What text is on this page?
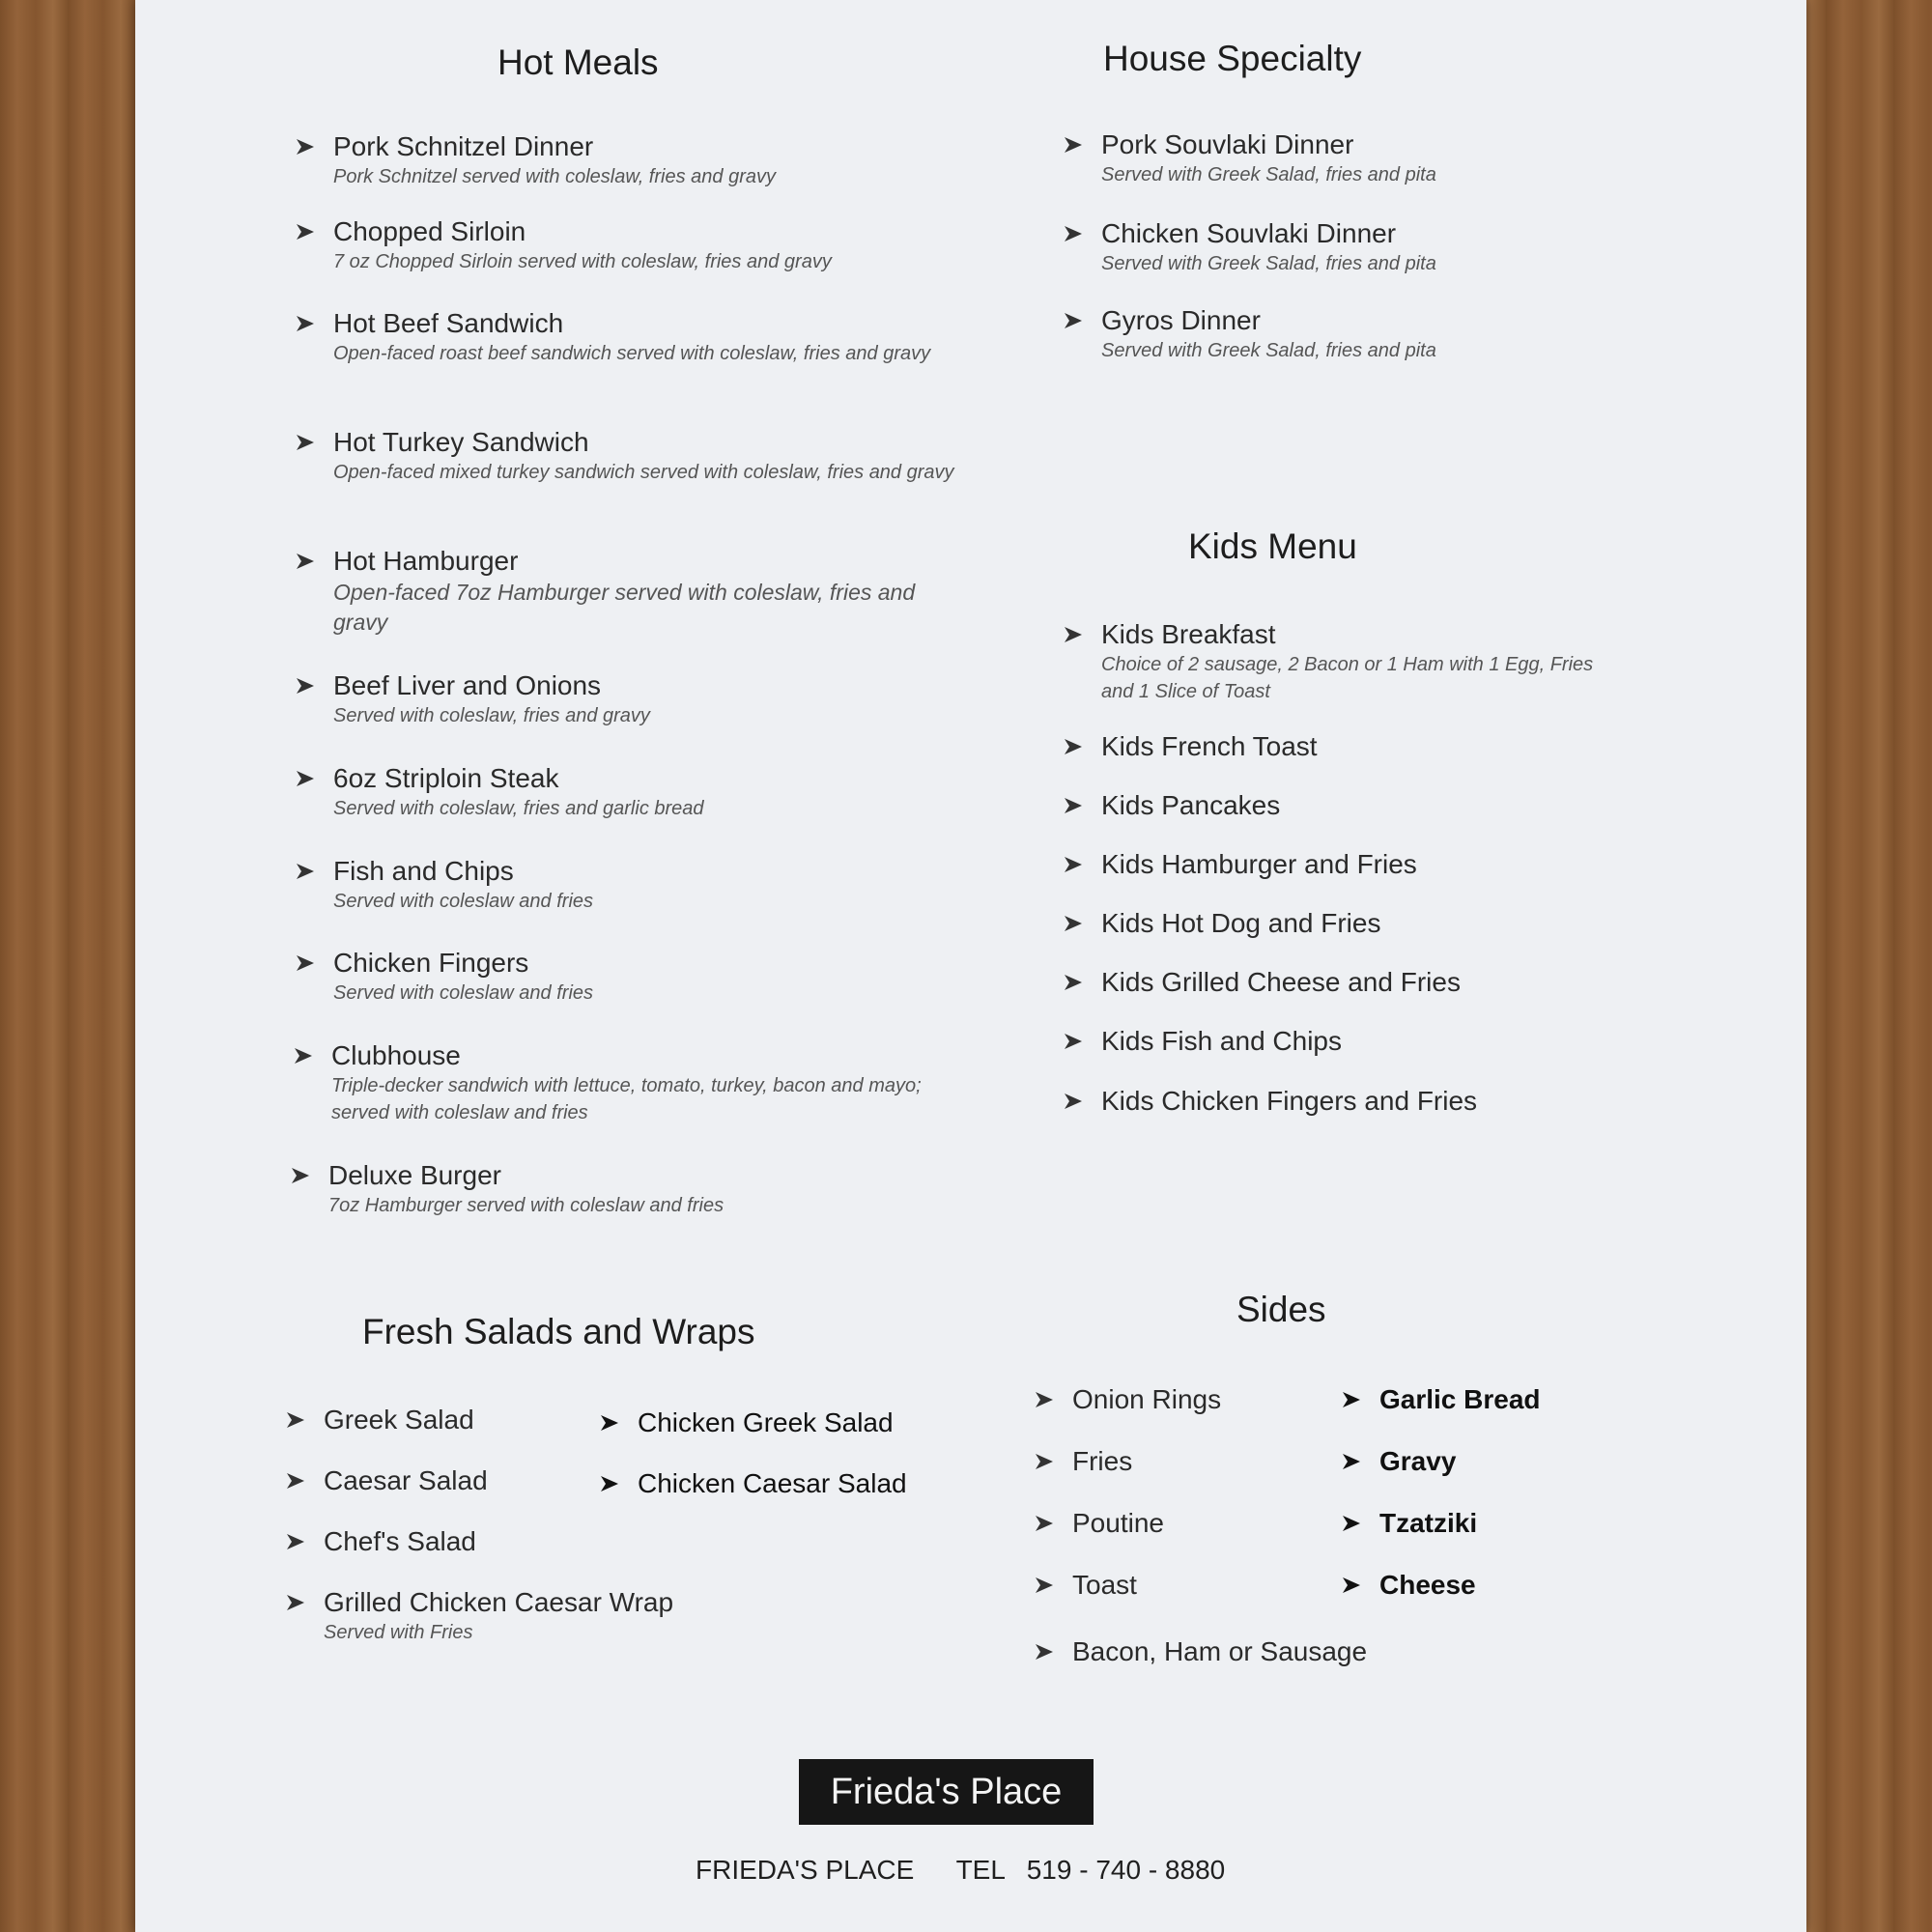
Hot Meals
Pork Schnitzel Dinner
Pork Schnitzel served with coleslaw, fries and gravy
Chopped Sirloin
7 oz Chopped Sirloin served with coleslaw, fries and gravy
Hot Beef Sandwich
Open-faced roast beef sandwich served with coleslaw, fries and gravy
Hot Turkey Sandwich
Open-faced mixed turkey sandwich served with coleslaw, fries and gravy
Hot Hamburger
Open-faced 7oz Hamburger served with coleslaw, fries and gravy
Beef Liver and Onions
Served with coleslaw, fries and gravy
6oz Striploin Steak
Served with coleslaw, fries and garlic bread
Fish and Chips
Served with coleslaw and fries
Chicken Fingers
Served with coleslaw and fries
Clubhouse
Triple-decker sandwich with lettuce, tomato, turkey, bacon and mayo; served with coleslaw and fries
Deluxe Burger
7oz Hamburger served with coleslaw and fries
House Specialty
Pork Souvlaki Dinner
Served with Greek Salad, fries and pita
Chicken Souvlaki Dinner
Served with Greek Salad, fries and pita
Gyros Dinner
Served with Greek Salad, fries and pita
Kids Menu
Kids Breakfast
Choice of 2 sausage, 2 Bacon or 1 Ham with 1 Egg, Fries and 1 Slice of Toast
Kids French Toast
Kids Pancakes
Kids Hamburger and Fries
Kids Hot Dog and Fries
Kids Grilled Cheese and Fries
Kids Fish and Chips
Kids Chicken Fingers and Fries
Fresh Salads and Wraps
Greek Salad
Caesar Salad
Chef's Salad
Grilled Chicken Caesar Wrap
Served with Fries
Chicken Greek Salad
Chicken Caesar Salad
Sides
Onion Rings
Fries
Poutine
Toast
Bacon, Ham or Sausage
Garlic Bread
Gravy
Tzatziki
Cheese
Frieda's Place
FRIEDA'S PLACE TEL 519 - 740 - 8880
